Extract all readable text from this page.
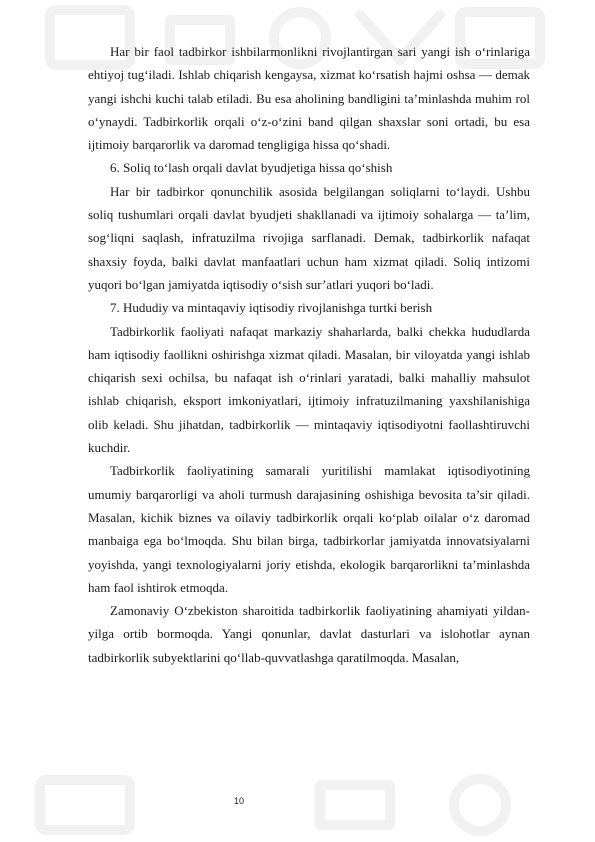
Har bir faol tadbirkor ishbilarmonlikni rivojlantirgan sari yangi ish o‘rinlariga ehtiyoj tug‘iladi. Ishlab chiqarish kengaysa, xizmat ko‘rsatish hajmi oshsa — demak yangi ishchi kuchi talab etiladi. Bu esa aholining bandligini ta’minlashda muhim rol o‘ynaydi. Tadbirkorlik orqali o‘z-o‘zini band qilgan shaxslar soni ortadi, bu esa ijtimoiy barqarorlik va daromad tengligiga hissa qo‘shadi.

6. Soliq to‘lash orqali davlat byudjetiga hissa qo‘shish

Har bir tadbirkor qonunchilik asosida belgilangan soliqlarni to‘laydi. Ushbu soliq tushumlari orqali davlat byudjeti shakllanadi va ijtimoiy sohalarga — ta’lim, sog‘liqni saqlash, infratuzilma rivojiga sarflanadi. Demak, tadbirkorlik nafaqat shaxsiy foyda, balki davlat manfaatlari uchun ham xizmat qiladi. Soliq intizomi yuqori bo‘lgan jamiyatda iqtisodiy o‘sish sur’atlari yuqori bo‘ladi.

7. Hududiy va mintaqaviy iqtisodiy rivojlanishga turtki berish

Tadbirkorlik faoliyati nafaqat markaziy shaharlarda, balki chekka hududlarda ham iqtisodiy faollikni oshirishga xizmat qiladi. Masalan, bir viloyatda yangi ishlab chiqarish sexi ochilsa, bu nafaqat ish o‘rinlari yaratadi, balki mahalliy mahsulot ishlab chiqarish, eksport imkoniyatlari, ijtimoiy infratuzilmaning yaxshilanishiga olib keladi. Shu jihatdan, tadbirkorlik — mintaqaviy iqtisodiyotni faollashtiruvchi kuchdir.

Tadbirkorlik faoliyatining samarali yuritilishi mamlakat iqtisodiyotining umumiy barqarorligi va aholi turmush darajasining oshishiga bevosita ta’sir qiladi. Masalan, kichik biznes va oilaviy tadbirkorlik orqali ko‘plab oilalar o‘z daromad manbaiga ega bo‘lmoqda. Shu bilan birga, tadbirkorlar jamiyatda innovatsiyalarni yoyishda, yangi texnologiyalarni joriy etishda, ekologik barqarorlikni ta’minlashda ham faol ishtirok etmoqda.

Zamonaviy O‘zbekiston sharoitida tadbirkorlik faoliyatining ahamiyati yildan-yilga ortib bormoqda. Yangi qonunlar, davlat dasturlari va islohotlar aynan tadbirkorlik subyektlarini qo‘llab-quvvatlashga qaratilmoqda. Masalan,

10
